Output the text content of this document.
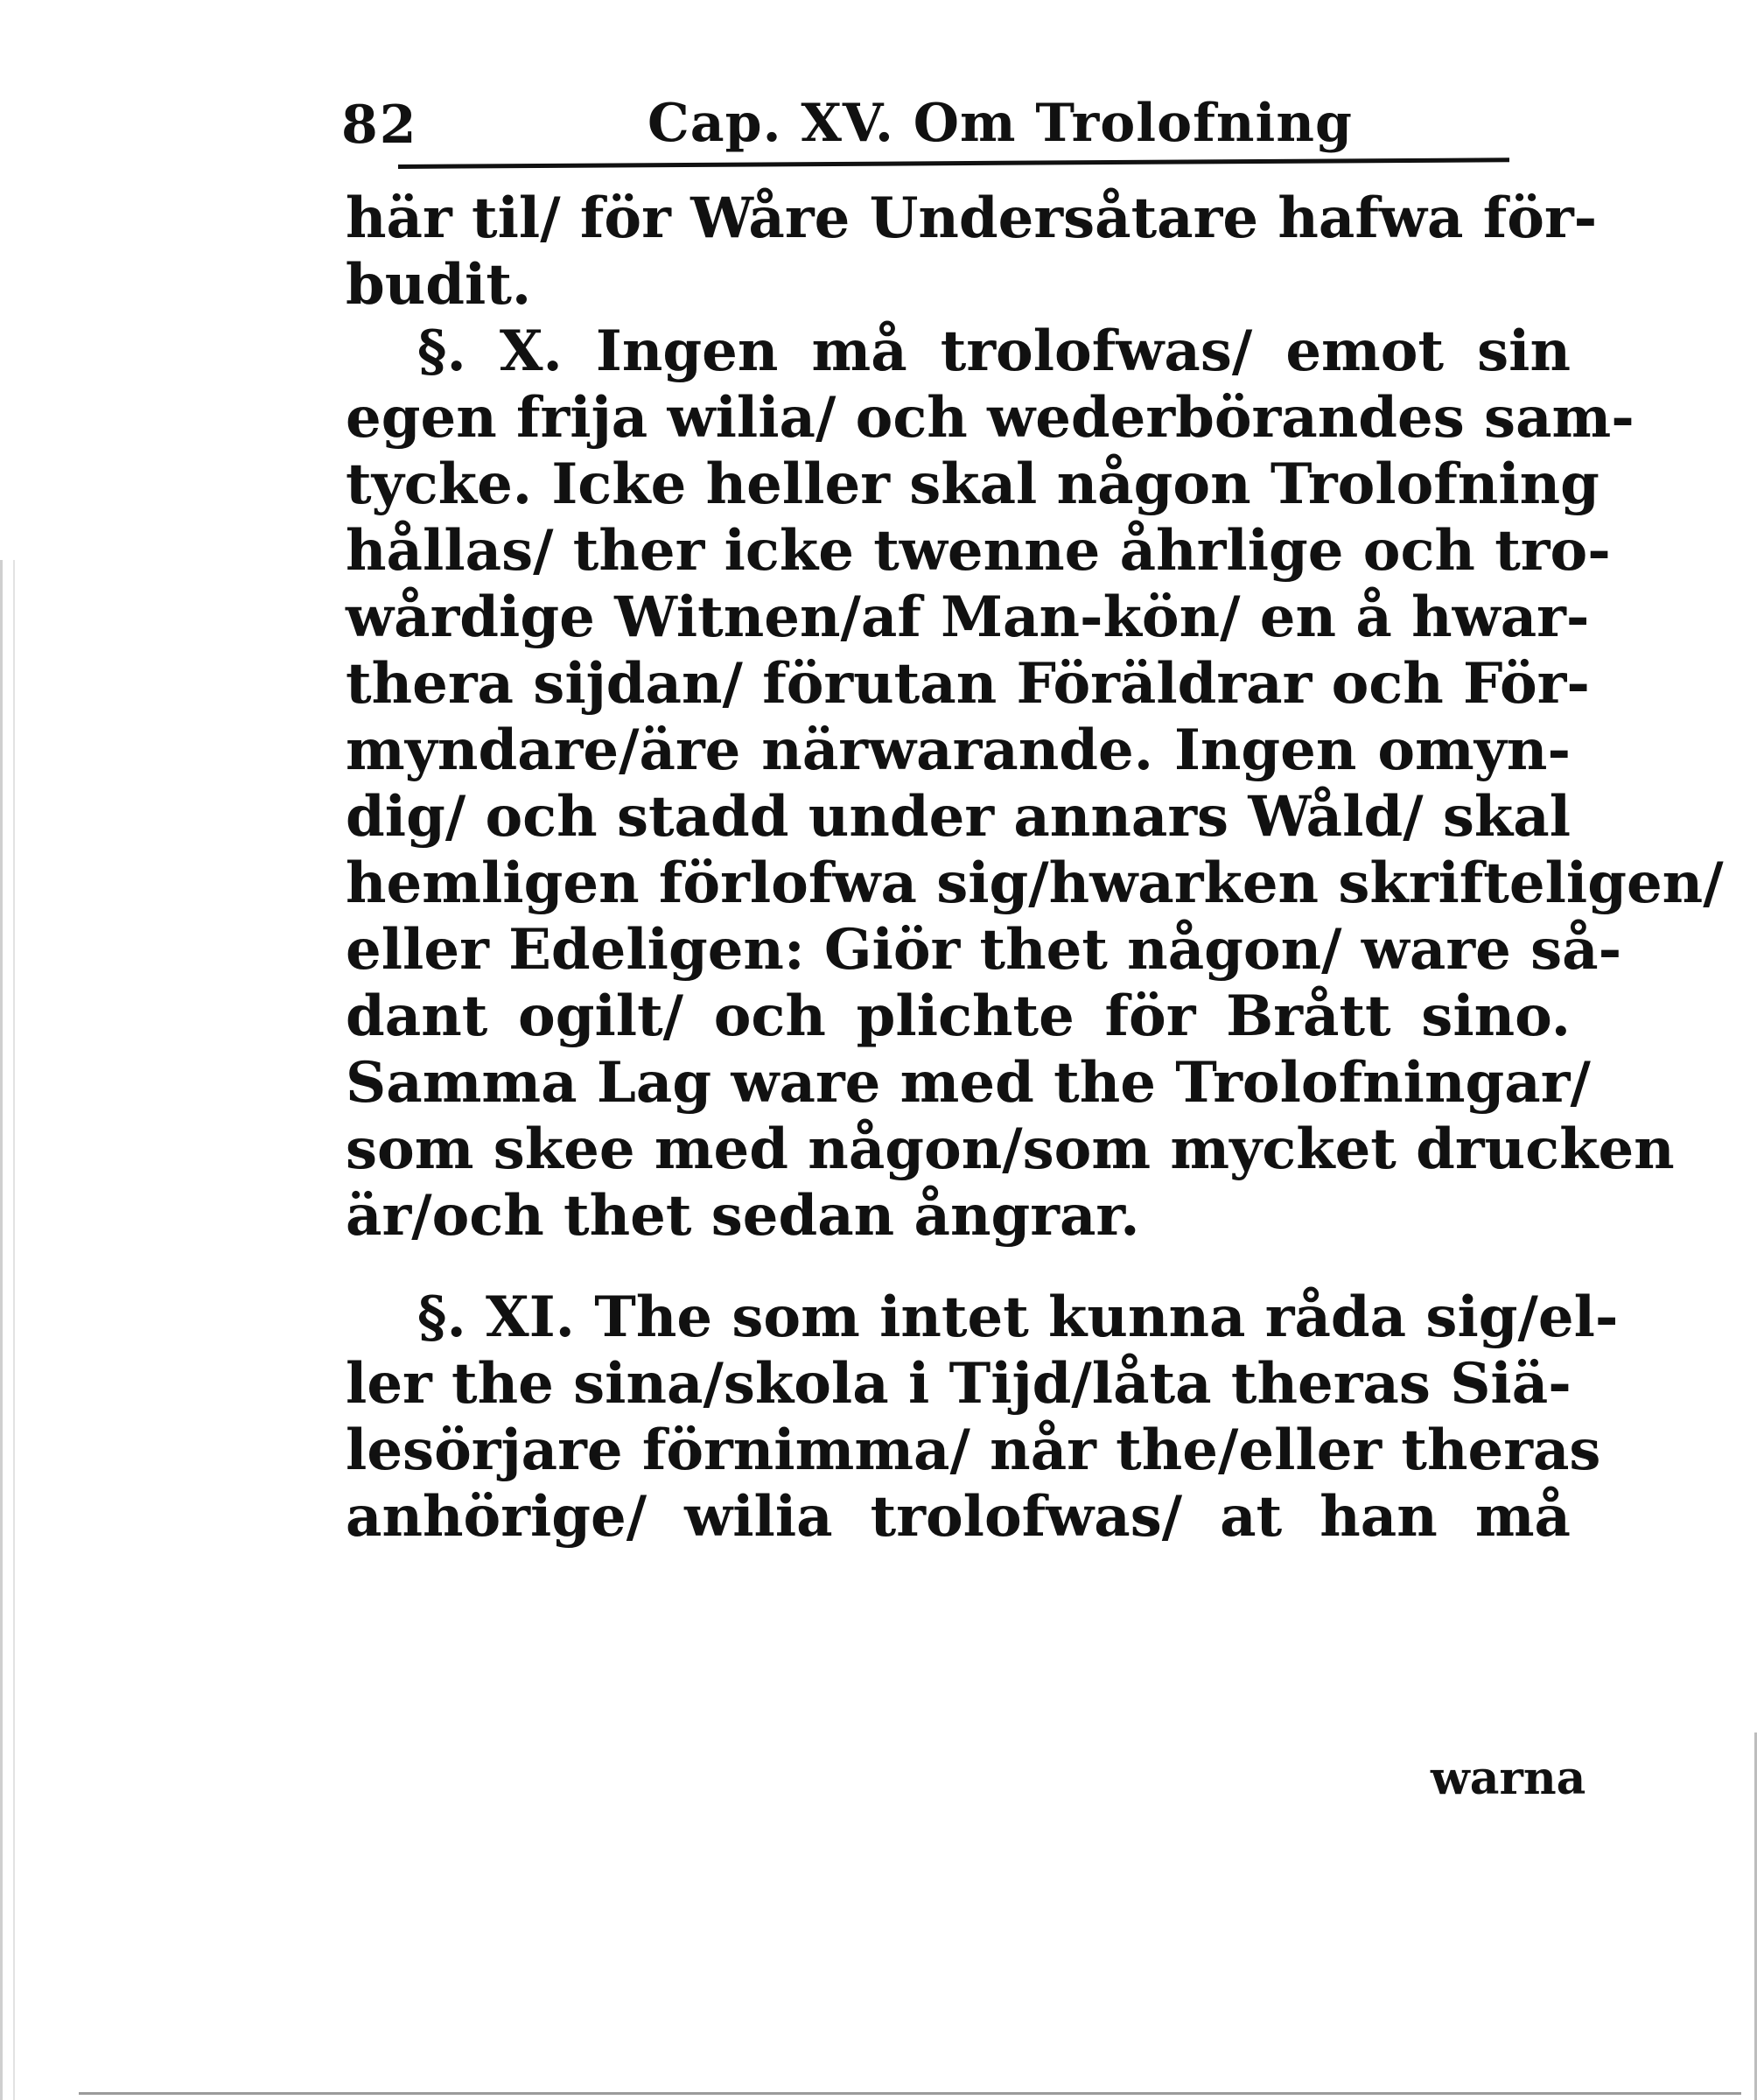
82	Cap. XV. Om Trolofning
här til/ för Wåre Undersåtare hafwa för-
budit.
§. X. Ingen må trolofwas/ emot sin
egen frija wilia/ och wederbörandes sam-
tycke. Icke heller skal någon Trolofning
hållas/ ther icke twenne åhrlige och tro-
wårdige Witnen/af Man-kön/ en å hwar-
thera sijdan/ förutan Föräldrar och För-
myndare/äre närwarande. Ingen omyn-
dig/ och stadd under annars Wåld/ skal
hemligen förlofwa sig/hwarken skrifteligen/
eller Edeligen: Giör thet någon/ ware så-
dant ogilt/ och plichte för Brått sino.
Samma Lag ware med the Trolofningar/
som skee med någon/som mycket drucken
är/och thet sedan ångrar.
§. XI. The som intet kunna råda sig/el-
ler the sina/skola i Tijd/låta theras Siä-
lesörjare förnimma/ når the/eller theras
anhörige/ wilia trolofwas/ at han må
warna
